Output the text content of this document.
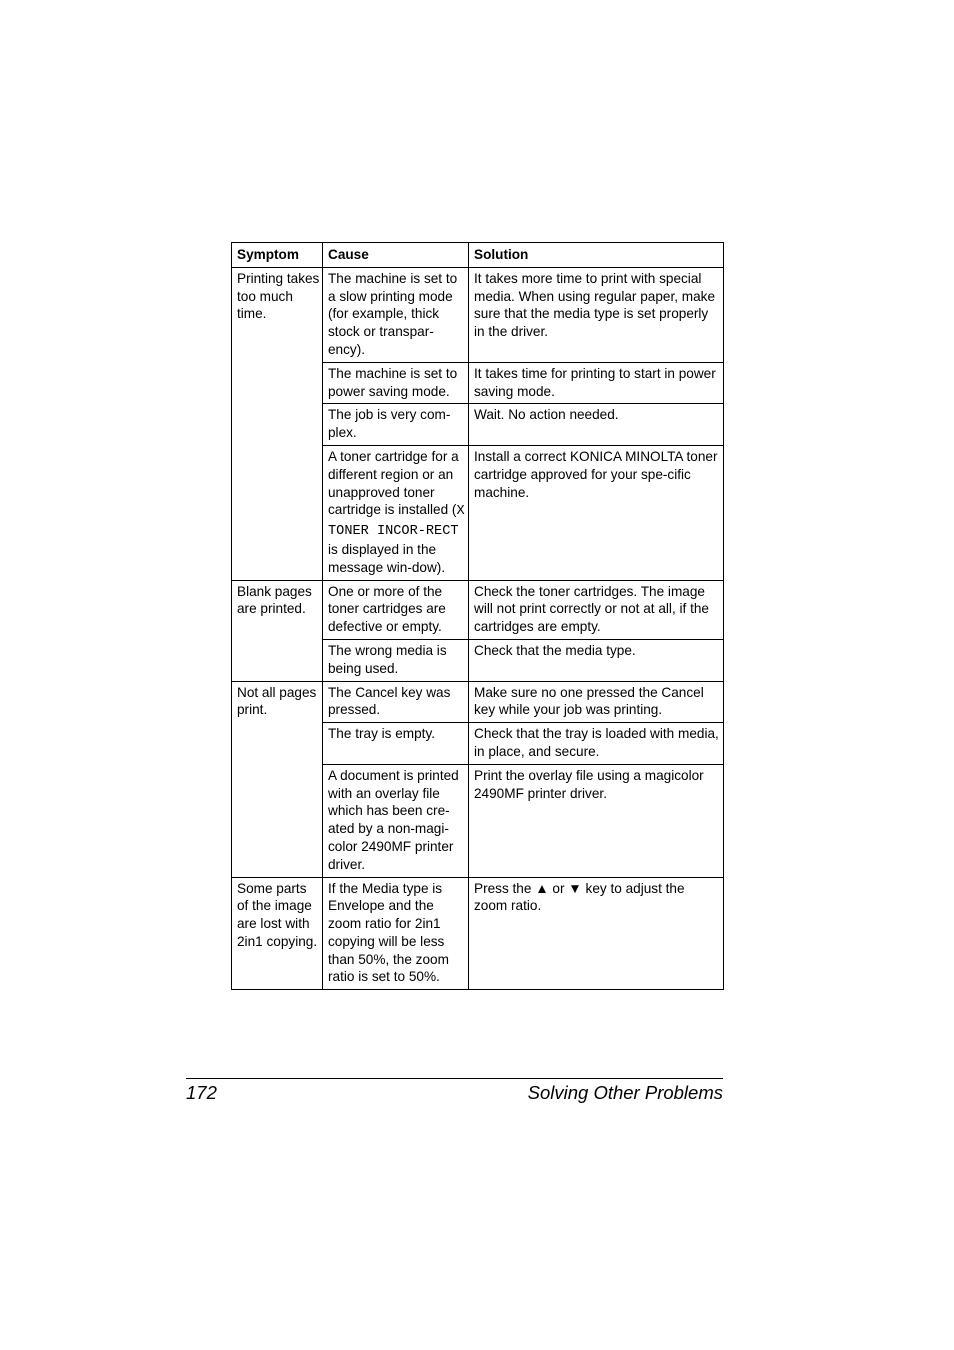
Symptom	Cause	Solution
Printing takes too much time.	The machine is set to a slow printing mode (for example, thick stock or transpar-ency).	It takes more time to print with special media. When using regular paper, make sure that the media type is set properly in the driver.
	The machine is set to power saving mode.	It takes time for printing to start in power saving mode.
	The job is very com-plex.	Wait. No action needed.
	A toner cartridge for a different region or an unapproved toner cartridge is installed (X TONER INCOR-RECT is displayed in the message win-dow).	Install a correct KONICA MINOLTA toner cartridge approved for your spe-cific machine.
Blank pages are printed.	One or more of the toner cartridges are defective or empty.	Check the toner cartridges. The image will not print correctly or not at all, if the cartridges are empty.
	The wrong media is being used.	Check that the media type.
Not all pages print.	The Cancel key was pressed.	Make sure no one pressed the Cancel key while your job was printing.
	The tray is empty.	Check that the tray is loaded with media, in place, and secure.
	A document is printed with an overlay file which has been cre-ated by a non-magi-color 2490MF printer driver.	Print the overlay file using a magicolor 2490MF printer driver.
Some parts of the image are lost with 2in1 copying.	If the Media type is Envelope and the zoom ratio for 2in1 copying will be less than 50%, the zoom ratio is set to 50%.	Press the ▲ or ▼ key to adjust the zoom ratio.
172	Solving Other Problems
